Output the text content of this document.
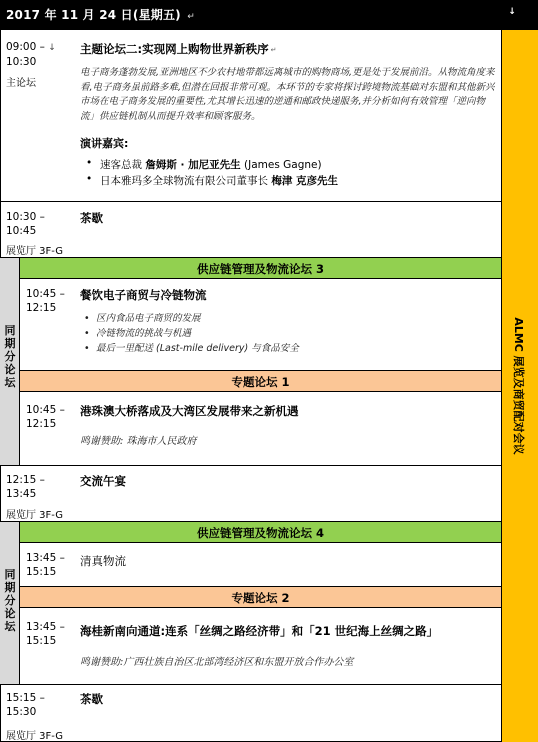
2017 年 11 月 24 日(星期五) ↵	↓
ALMC 展览及商贸配对会议
09:00 – ↓
10:30
主论坛
主题论坛二:实现网上购物世界新秩序 ↵
电子商务蓬勃发展,亚洲地区不少农村地带都远离城市的购物商场,更是处于发展前沿。从物流角度来看,电子商务虽前路多难,但潜在回报非常可观。本环节的专家将探讨跨境物流基础对东盟和其他新兴市场在电子商务发展的重要性,尤其增长迅速的逆通和邮政快递服务,并分析如何有效管理「逆向物流」供应链机制从而提升效率和顾客服务。
演讲嘉宾:
• 速客总裁 詹姆斯 · 加尼亚先生 (James Gagne)
• 日本雅玛多全球物流有限公司董事长 梅津 克彦先生
10:30 –
10:45
展览厅 3F-G
茶歇
同期分论坛
供应链管理及物流论坛 3
10:45 –
12:15
餐饮电子商贸与冷链物流
• 区内食品电子商贸的发展
• 冷链物流的挑战与机遇
• 最后一里配送 (Last-mile delivery) 与食品安全
专题论坛 1
10:45 –
12:15
港珠澳大桥落成及大湾区发展带来之新机遇
鸣谢赞助: 珠海市人民政府
12:15 –
13:45
展览厅 3F-G
交流午宴
同期分论坛
供应链管理及物流论坛 4
13:45 –
15:15
清真物流
专题论坛 2
13:45 –
15:15
海桂新南向通道:连系「丝绸之路经济带」和「21 世纪海上丝绸之路」
鸣谢赞助:广西壮族自治区北部湾经济区和东盟开放合作办公室
15:15 –
15:30
展览厅 3F-G
茶歇
